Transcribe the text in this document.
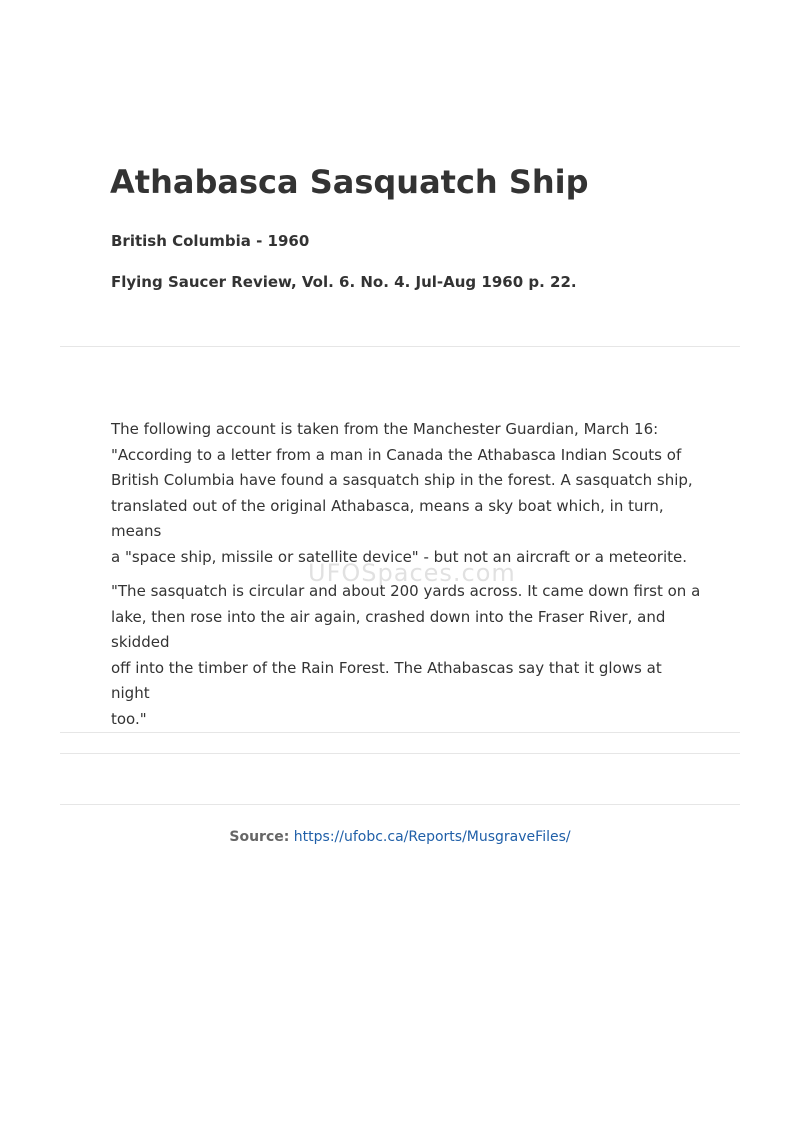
Athabasca Sasquatch Ship

British Columbia - 1960

Flying Saucer Review, Vol. 6. No. 4. Jul-Aug 1960 p. 22.

The following account is taken from the Manchester Guardian, March 16:
"According to a letter from a man in Canada the Athabasca Indian Scouts of
British Columbia have found a sasquatch ship in the forest. A sasquatch ship,
translated out of the original Athabasca, means a sky boat which, in turn, means
a "space ship, missile or satellite device" - but not an aircraft or a meteorite.

"The sasquatch is circular and about 200 yards across. It came down first on a
lake, then rose into the air again, crashed down into the Fraser River, and skidded
off into the timber of the Rain Forest. The Athabascas say that it glows at night
too."

UFOSpaces.com
Source: https://ufobc.ca/Reports/MusgraveFiles/
